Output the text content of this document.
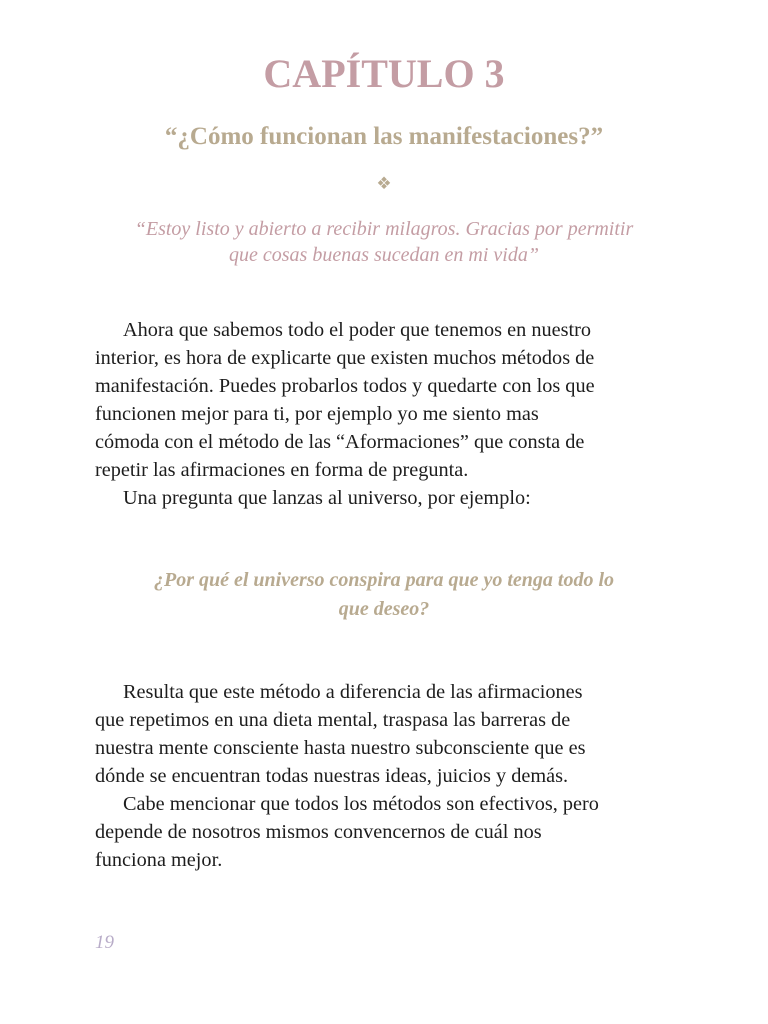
CAPÍTULO 3
“¿Cómo funcionan las manifestaciones?”
❖

“Estoy listo y abierto a recibir milagros. Gracias por permitir
que cosas buenas sucedan en mi vida”

Ahora que sabemos todo el poder que tenemos en nuestro
interior, es hora de explicarte que existen muchos métodos de
manifestación. Puedes probarlos todos y quedarte con los que
funcionen mejor para ti, por ejemplo yo me siento mas
cómoda con el método de las “Aformaciones” que consta de
repetir las afirmaciones en forma de pregunta.

Una pregunta que lanzas al universo, por ejemplo:

¿Por qué el universo conspira para que yo tenga todo lo
que deseo?

Resulta que este método a diferencia de las afirmaciones
que repetimos en una dieta mental, traspasa las barreras de
nuestra mente consciente hasta nuestro subconsciente que es
dónde se encuentran todas nuestras ideas, juicios y demás.

Cabe mencionar que todos los métodos son efectivos, pero
depende de nosotros mismos convencernos de cuál nos
funciona mejor.

19
